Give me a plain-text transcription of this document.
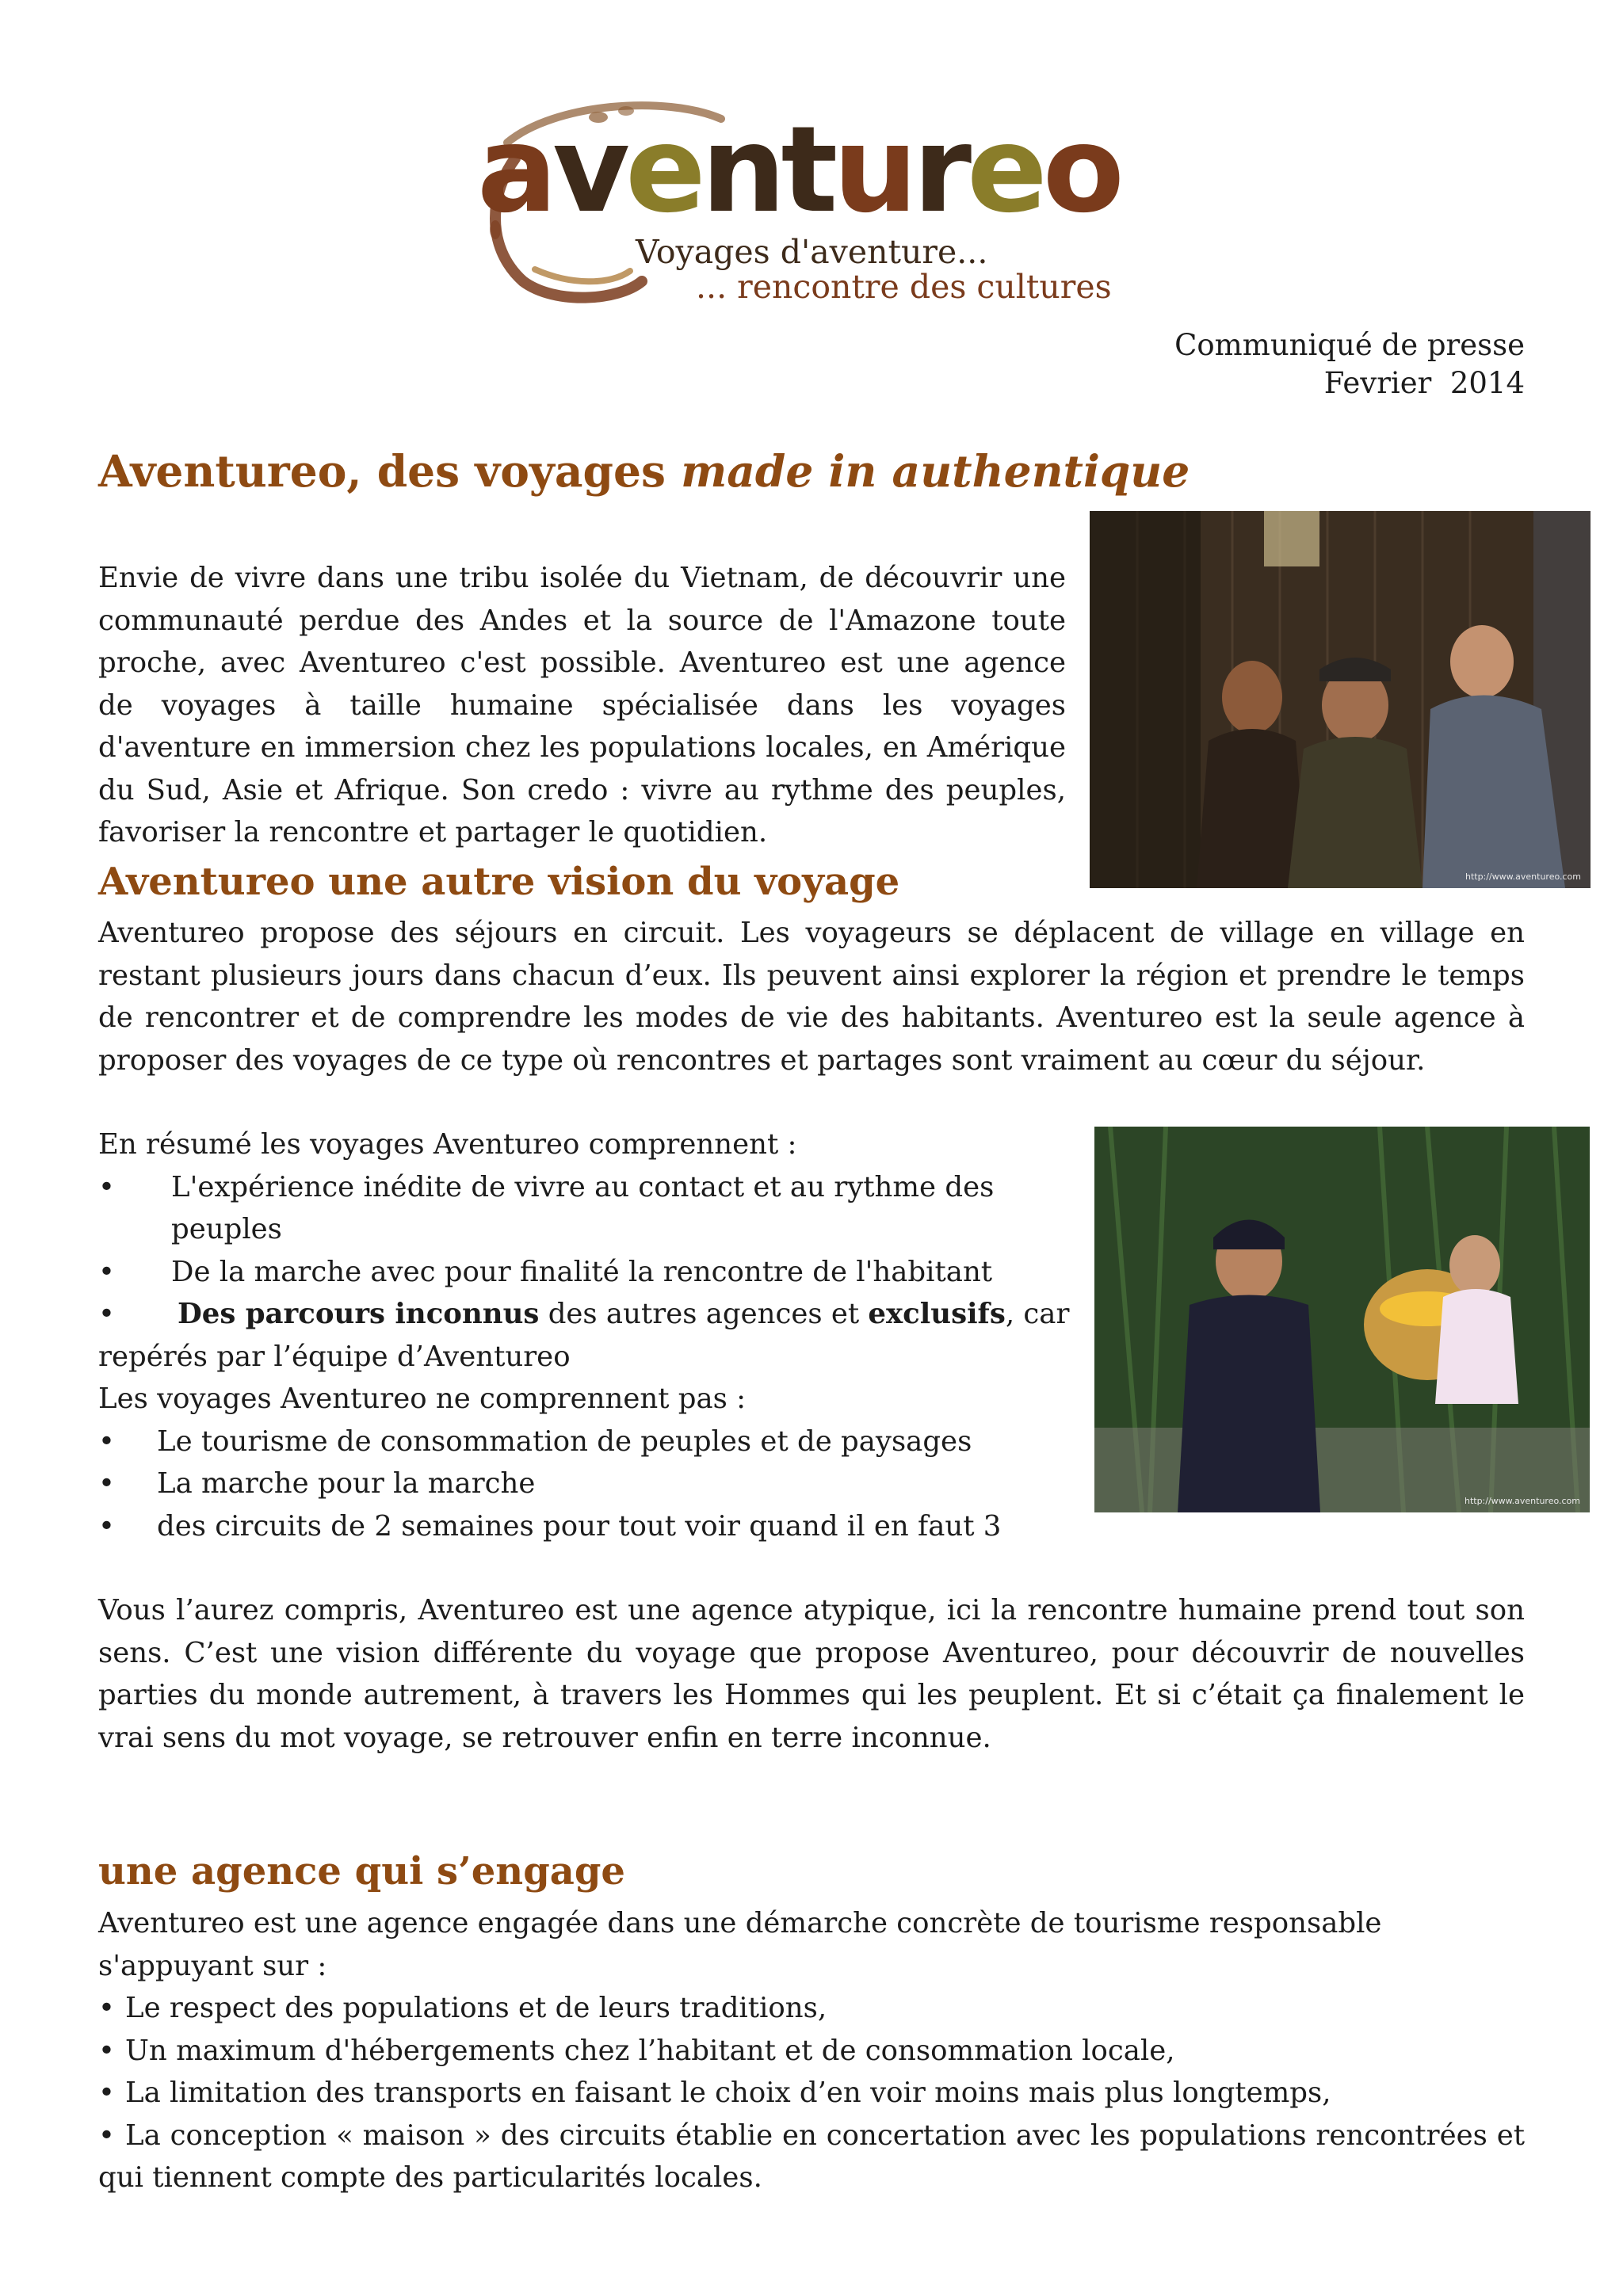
aventureo
Voyages d'aventure...
... rencontre des cultures
Communiqué de presse
Fevrier  2014
Aventureo, des voyages made in authentique
http://www.aventureo.com
Envie de vivre dans une tribu isolée du Vietnam, de découvrir une communauté perdue des Andes et la source de l'Amazone toute proche, avec Aventureo c'est possible. Aventureo est une agence de voyages à taille humaine spécialisée dans les voyages d'aventure en immersion chez les populations locales, en Amérique du Sud, Asie et Afrique. Son credo : vivre au rythme des peuples, favoriser la rencontre et partager le quotidien.
Aventureo une autre vision du voyage
Aventureo propose des séjours en circuit. Les voyageurs se déplacent de village en village en restant plusieurs jours dans chacun d’eux. Ils peuvent ainsi explorer la région et prendre le temps de rencontrer et de comprendre les modes de vie des habitants. Aventureo est la seule agence à proposer des voyages de ce type où rencontres et partages sont vraiment au cœur du séjour.
http://www.aventureo.com
En résumé les voyages Aventureo comprennent :
• L'expérience inédite de vivre au contact et au rythme des peuples
• De la marche avec pour finalité la rencontre de l'habitant
• Des parcours inconnus des autres agences et exclusifs, car repérés par l’équipe d’Aventureo
Les voyages Aventureo ne comprennent pas :
• Le tourisme de consommation de peuples et de paysages
• La marche pour la marche
• des circuits de 2 semaines pour tout voir quand il en faut 3
Vous l’aurez compris, Aventureo est une agence atypique, ici la rencontre humaine prend tout son sens. C’est une vision différente du voyage que propose Aventureo, pour découvrir de nouvelles parties du monde autrement, à travers les Hommes qui les peuplent. Et si c’était ça finalement le vrai sens du mot voyage, se retrouver enfin en terre inconnue.
une agence qui s’engage
Aventureo est une agence engagée dans une démarche concrète de tourisme responsable s'appuyant sur :
• Le respect des populations et de leurs traditions,
• Un maximum d'hébergements chez l’habitant et de consommation locale,
• La limitation des transports en faisant le choix d’en voir moins mais plus longtemps,
• La conception « maison » des circuits établie en concertation avec les populations rencontrées et qui tiennent compte des particularités locales.
